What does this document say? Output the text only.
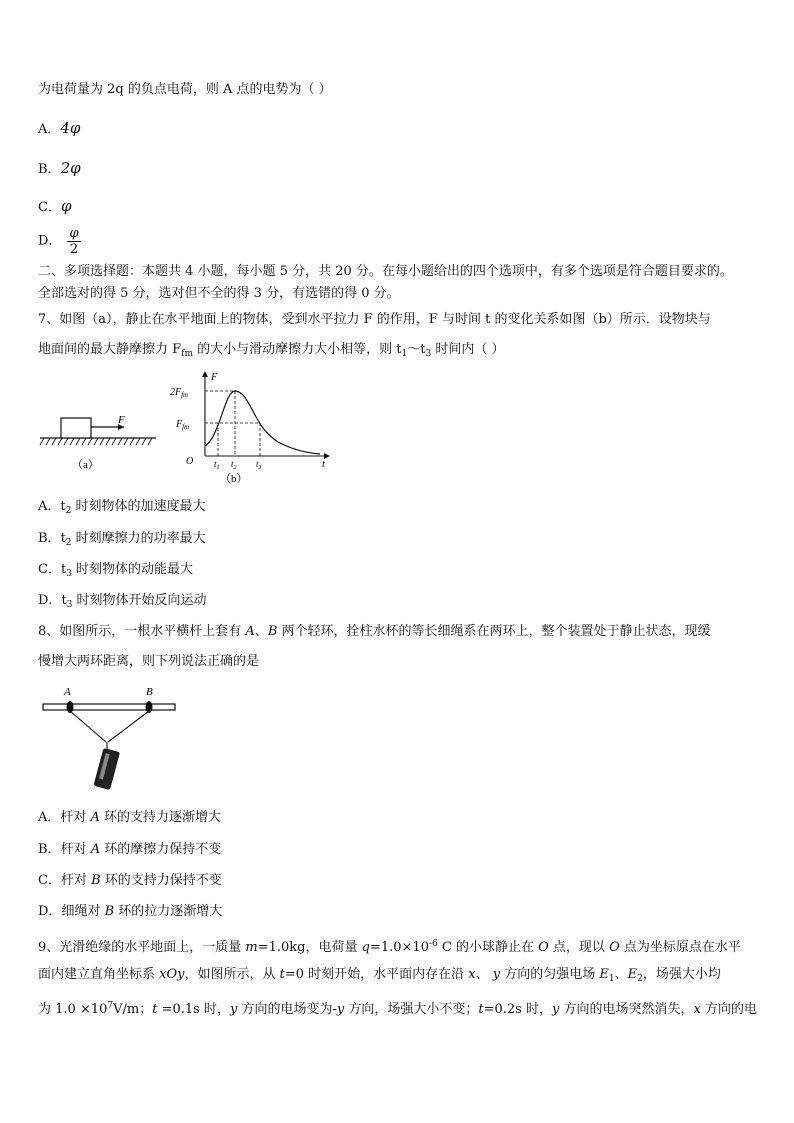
为电荷量为 2q 的负点电荷，则 A 点的电势为（ ）
A．4φ
B．2φ
C．φ
D． $\frac{\varphi}{2}$
二、多项选择题：本题共 4 小题，每小题 5 分，共 20 分。在每小题给出的四个选项中，有多个选项是符合题目要求的。
全部选对的得 5 分，选对但不全的得 3 分，有选错的得 0 分。
7、如图（a），静止在水平地面上的物体，受到水平拉力 F 的作用，F 与时间 t 的变化关系如图（b）所示．设物块与
地面间的最大静摩擦力 $F_{fm}$ 的大小与滑动摩擦力大小相等，则 $t_1\sim t_3$ 时间内（ ）
F
（a）
F
t
O
$2F_{fm}$
$F_{fm}$
$t_1$ $t_2$ $t_3$
（b）
A．$t_2$ 时刻物体的加速度最大
B．$t_2$ 时刻摩擦力的功率最大
C．$t_3$ 时刻物体的动能最大
D．$t_3$ 时刻物体开始反向运动
8、如图所示，一根水平横杆上套有 A、B 两个轻环，拴柱水杯的等长细绳系在两环上，整个装置处于静止状态，现缓
慢增大两环距离，则下列说法正确的是
A	B
A．杆对 A 环的支持力逐渐增大
B．杆对 A 环的摩擦力保持不变
C．杆对 B 环的支持力保持不变
D．细绳对 B 环的拉力逐渐增大
9、光滑绝缘的水平地面上，一质量 m=1.0kg，电荷量 $q=1.0\times 10^{-6}$ C 的小球静止在 O 点，现以 O 点为坐标原点在水平
面内建立直角坐标系 xOy，如图所示，从 t=0 时刻开始，水平面内存在沿 x、 y 方向的匀强电场 $E_1$、$E_2$，场强大小均
为 $1.0 \times 10^7V/m$；t =0.1s 时，y 方向的电场变为-y 方向，场强大小不变；t=0.2s 时，y 方向的电场突然消失，x 方向的电
